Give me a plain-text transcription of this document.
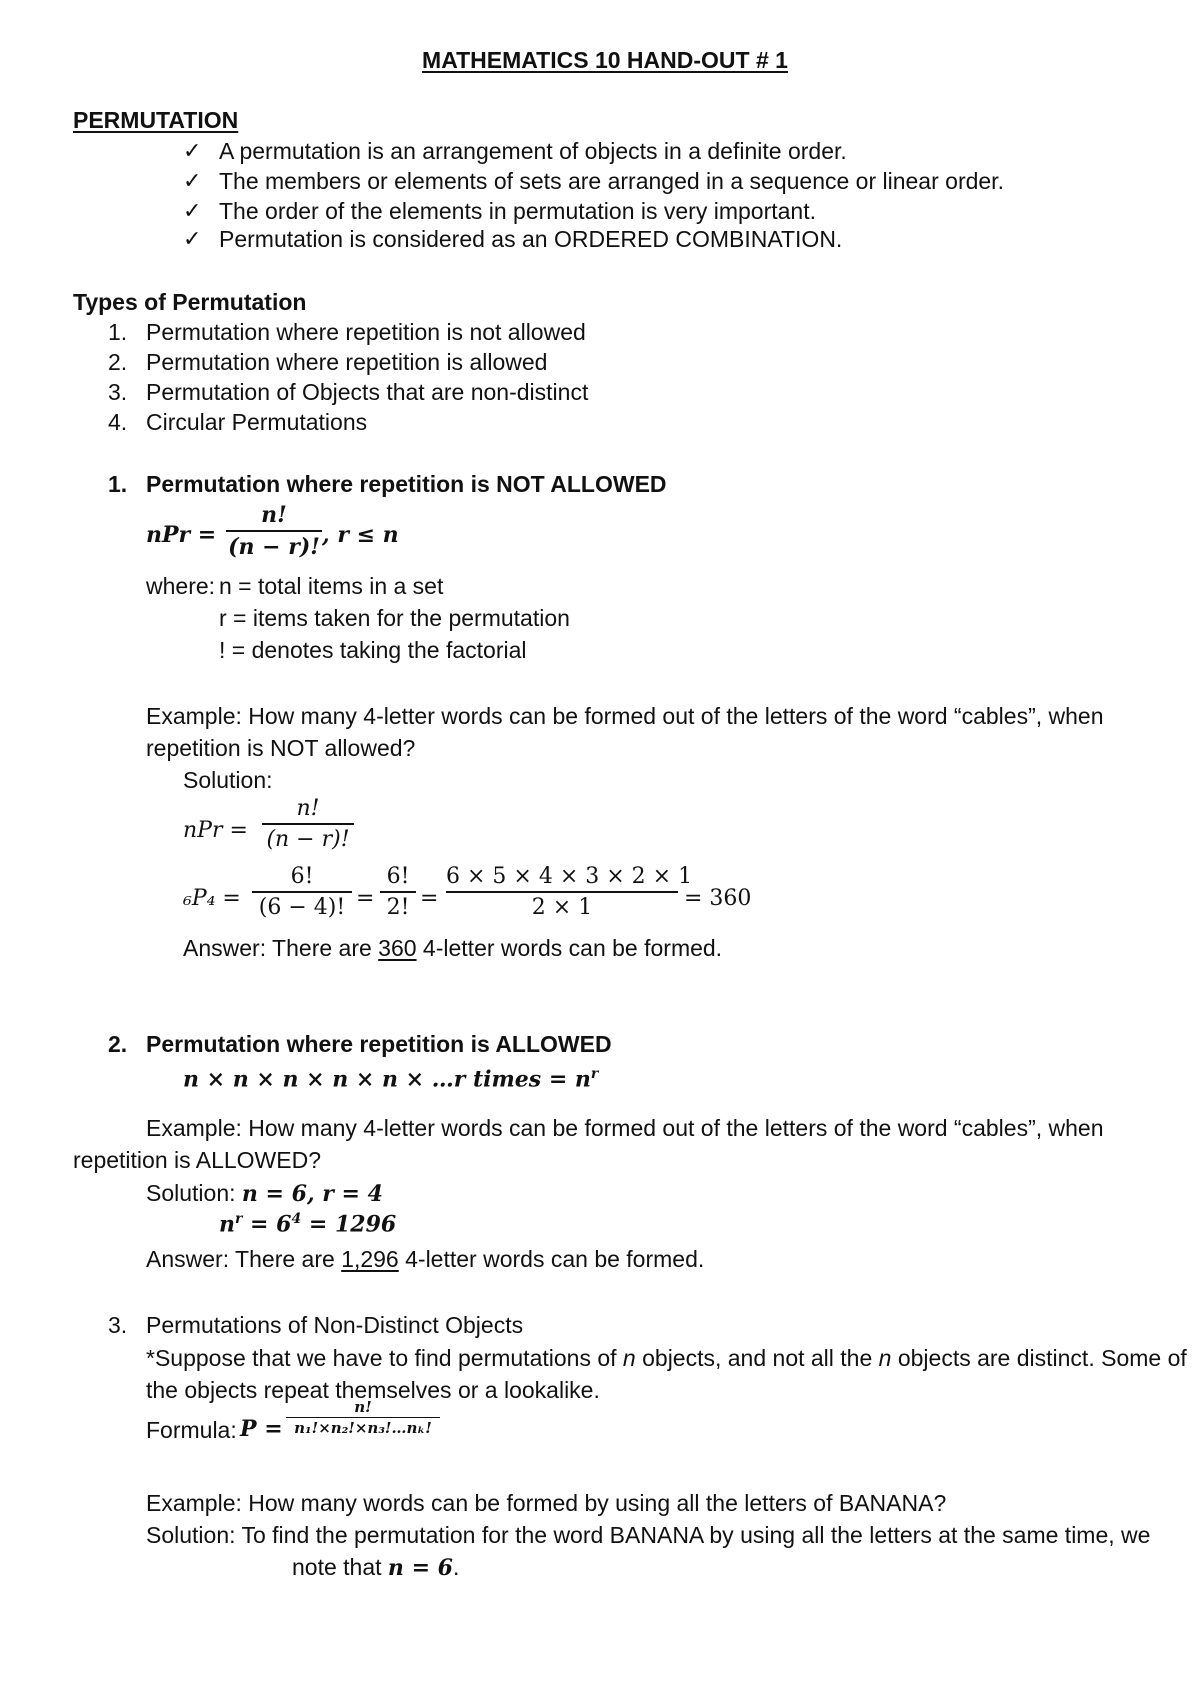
MATHEMATICS 10 HAND-OUT # 1
PERMUTATION
✓ A permutation is an arrangement of objects in a definite order.
✓ The members or elements of sets are arranged in a sequence or linear order.
✓ The order of the elements in permutation is very important.
✓ Permutation is considered as an ORDERED COMBINATION.
Types of Permutation
1. Permutation where repetition is not allowed
2. Permutation where repetition is allowed
3. Permutation of Objects that are non-distinct
4. Circular Permutations
1. Permutation where repetition is NOT ALLOWED
nPr =
n!
(n − r)! , r ≤ n
where: n = total items in a set
r = items taken for the permutation
! = denotes taking the factorial
Example: How many 4-letter words can be formed out of the letters of the word “cables”, when
repetition is NOT allowed?
Solution:
nPr =
n!
(n − r)!
₆P₄ =
6!
(6 − 4)! =
6!
2! =
6 × 5 × 4 × 3 × 2 × 1
2 × 1	= 360
Answer: There are 360 4-letter words can be formed.
2. Permutation where repetition is ALLOWED
n × n × n × n × n × …r times = $n^r$
Example: How many 4-letter words can be formed out of the letters of the word “cables”, when
repetition is ALLOWED?
Solution: n = 6, r = 4
$n^r = 6^4 = 1296$
Answer: There are 1,296 4-letter words can be formed.
3. Permutations of Non-Distinct Objects
*Suppose that we have to find permutations of n objects, and not all the n objects are distinct. Some of
the objects repeat themselves or a lookalike.
Formula: P =
n!
n₁!×n₂!×n₃!…nₖ!
Example: How many words can be formed by using all the letters of BANANA?
Solution: To find the permutation for the word BANANA by using all the letters at the same time, we
note that n = 6.
